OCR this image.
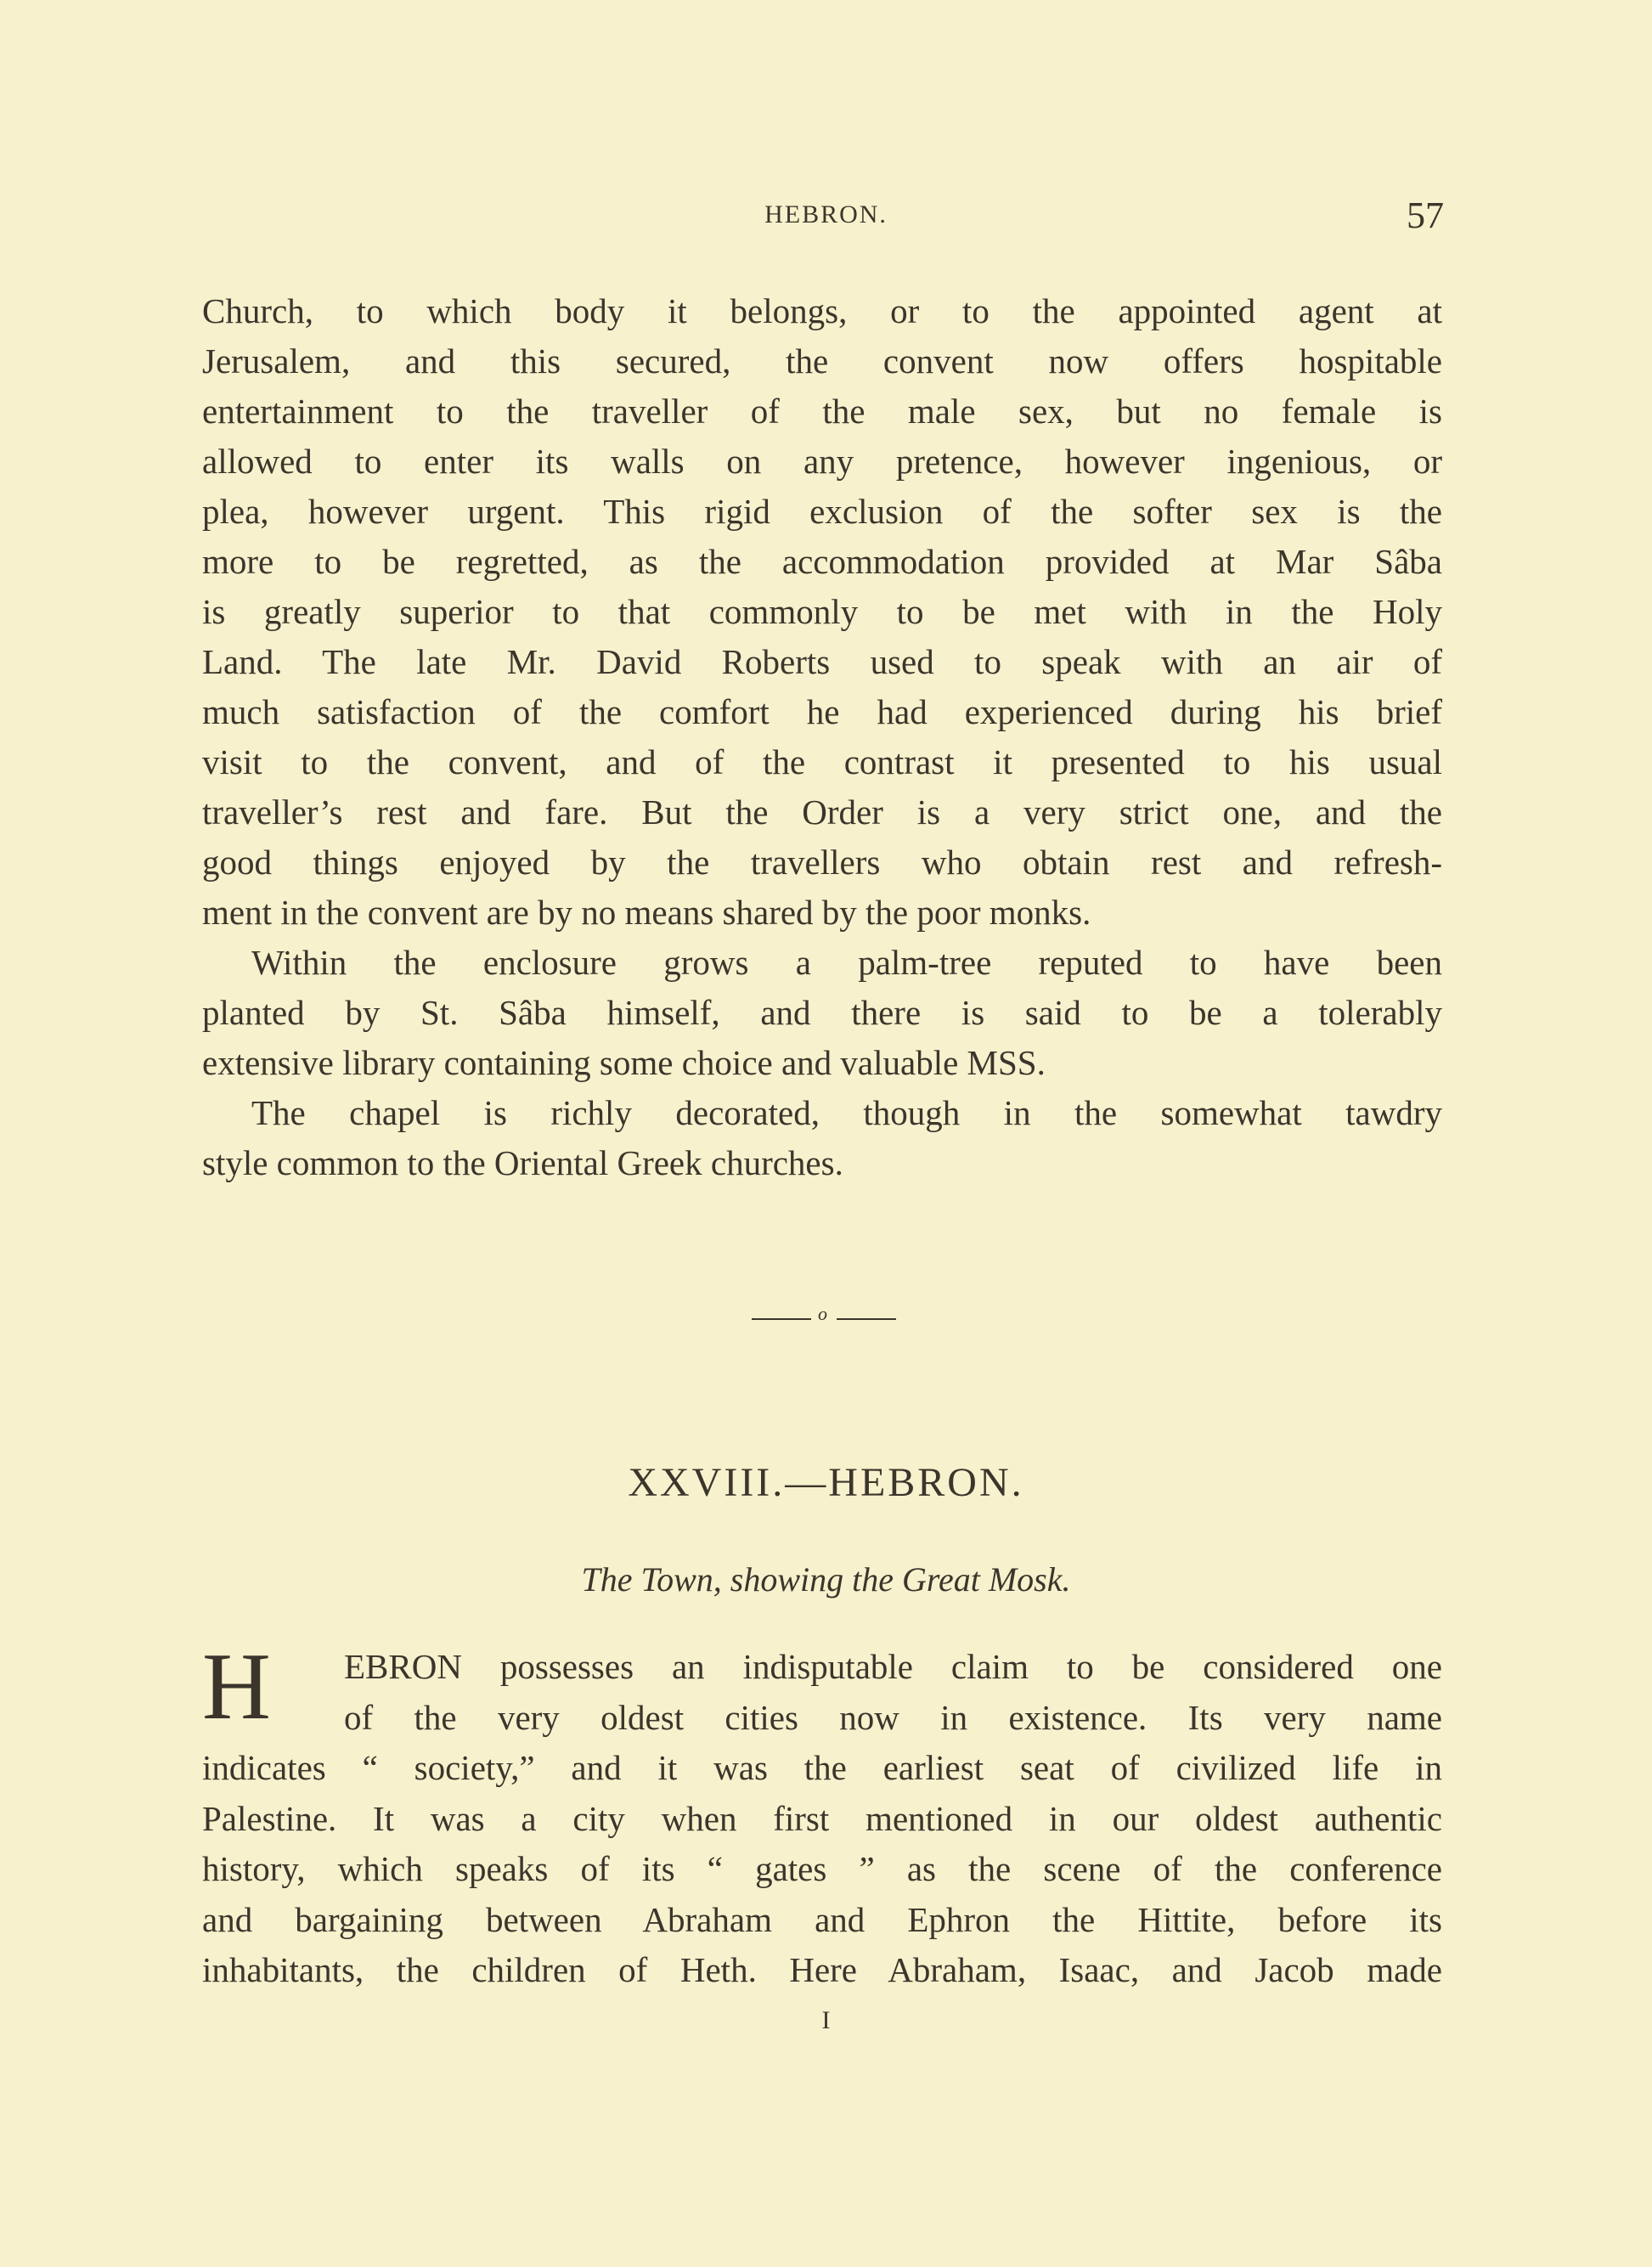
HEBRON.	57
Church, to which body it belongs, or to the appointed agent at
Jerusalem, and this secured, the convent now offers hospitable
entertainment to the traveller of the male sex, but no female is
allowed to enter its walls on any pretence, however ingenious, or
plea, however urgent. This rigid exclusion of the softer sex is the
more to be regretted, as the accommodation provided at Mar Sâba
is greatly superior to that commonly to be met with in the Holy
Land. The late Mr. David Roberts used to speak with an air of
much satisfaction of the comfort he had experienced during his brief
visit to the convent, and of the contrast it presented to his usual
traveller’s rest and fare. But the Order is a very strict one, and the
good things enjoyed by the travellers who obtain rest and refresh-
ment in the convent are by no means shared by the poor monks.
Within the enclosure grows a palm-tree reputed to have been
planted by St. Sâba himself, and there is said to be a tolerably
extensive library containing some choice and valuable MSS.
The chapel is richly decorated, though in the somewhat tawdry
style common to the Oriental Greek churches.
o
XXVIII.—HEBRON.
The Town, showing the Great Mosk.
H EBRON possesses an indisputable claim to be considered one
of the very oldest cities now in existence. Its very name
indicates “ society,” and it was the earliest seat of civilized life in
Palestine. It was a city when first mentioned in our oldest authentic
history, which speaks of its “ gates ” as the scene of the conference
and bargaining between Abraham and Ephron the Hittite, before its
inhabitants, the children of Heth. Here Abraham, Isaac, and Jacob made
I
